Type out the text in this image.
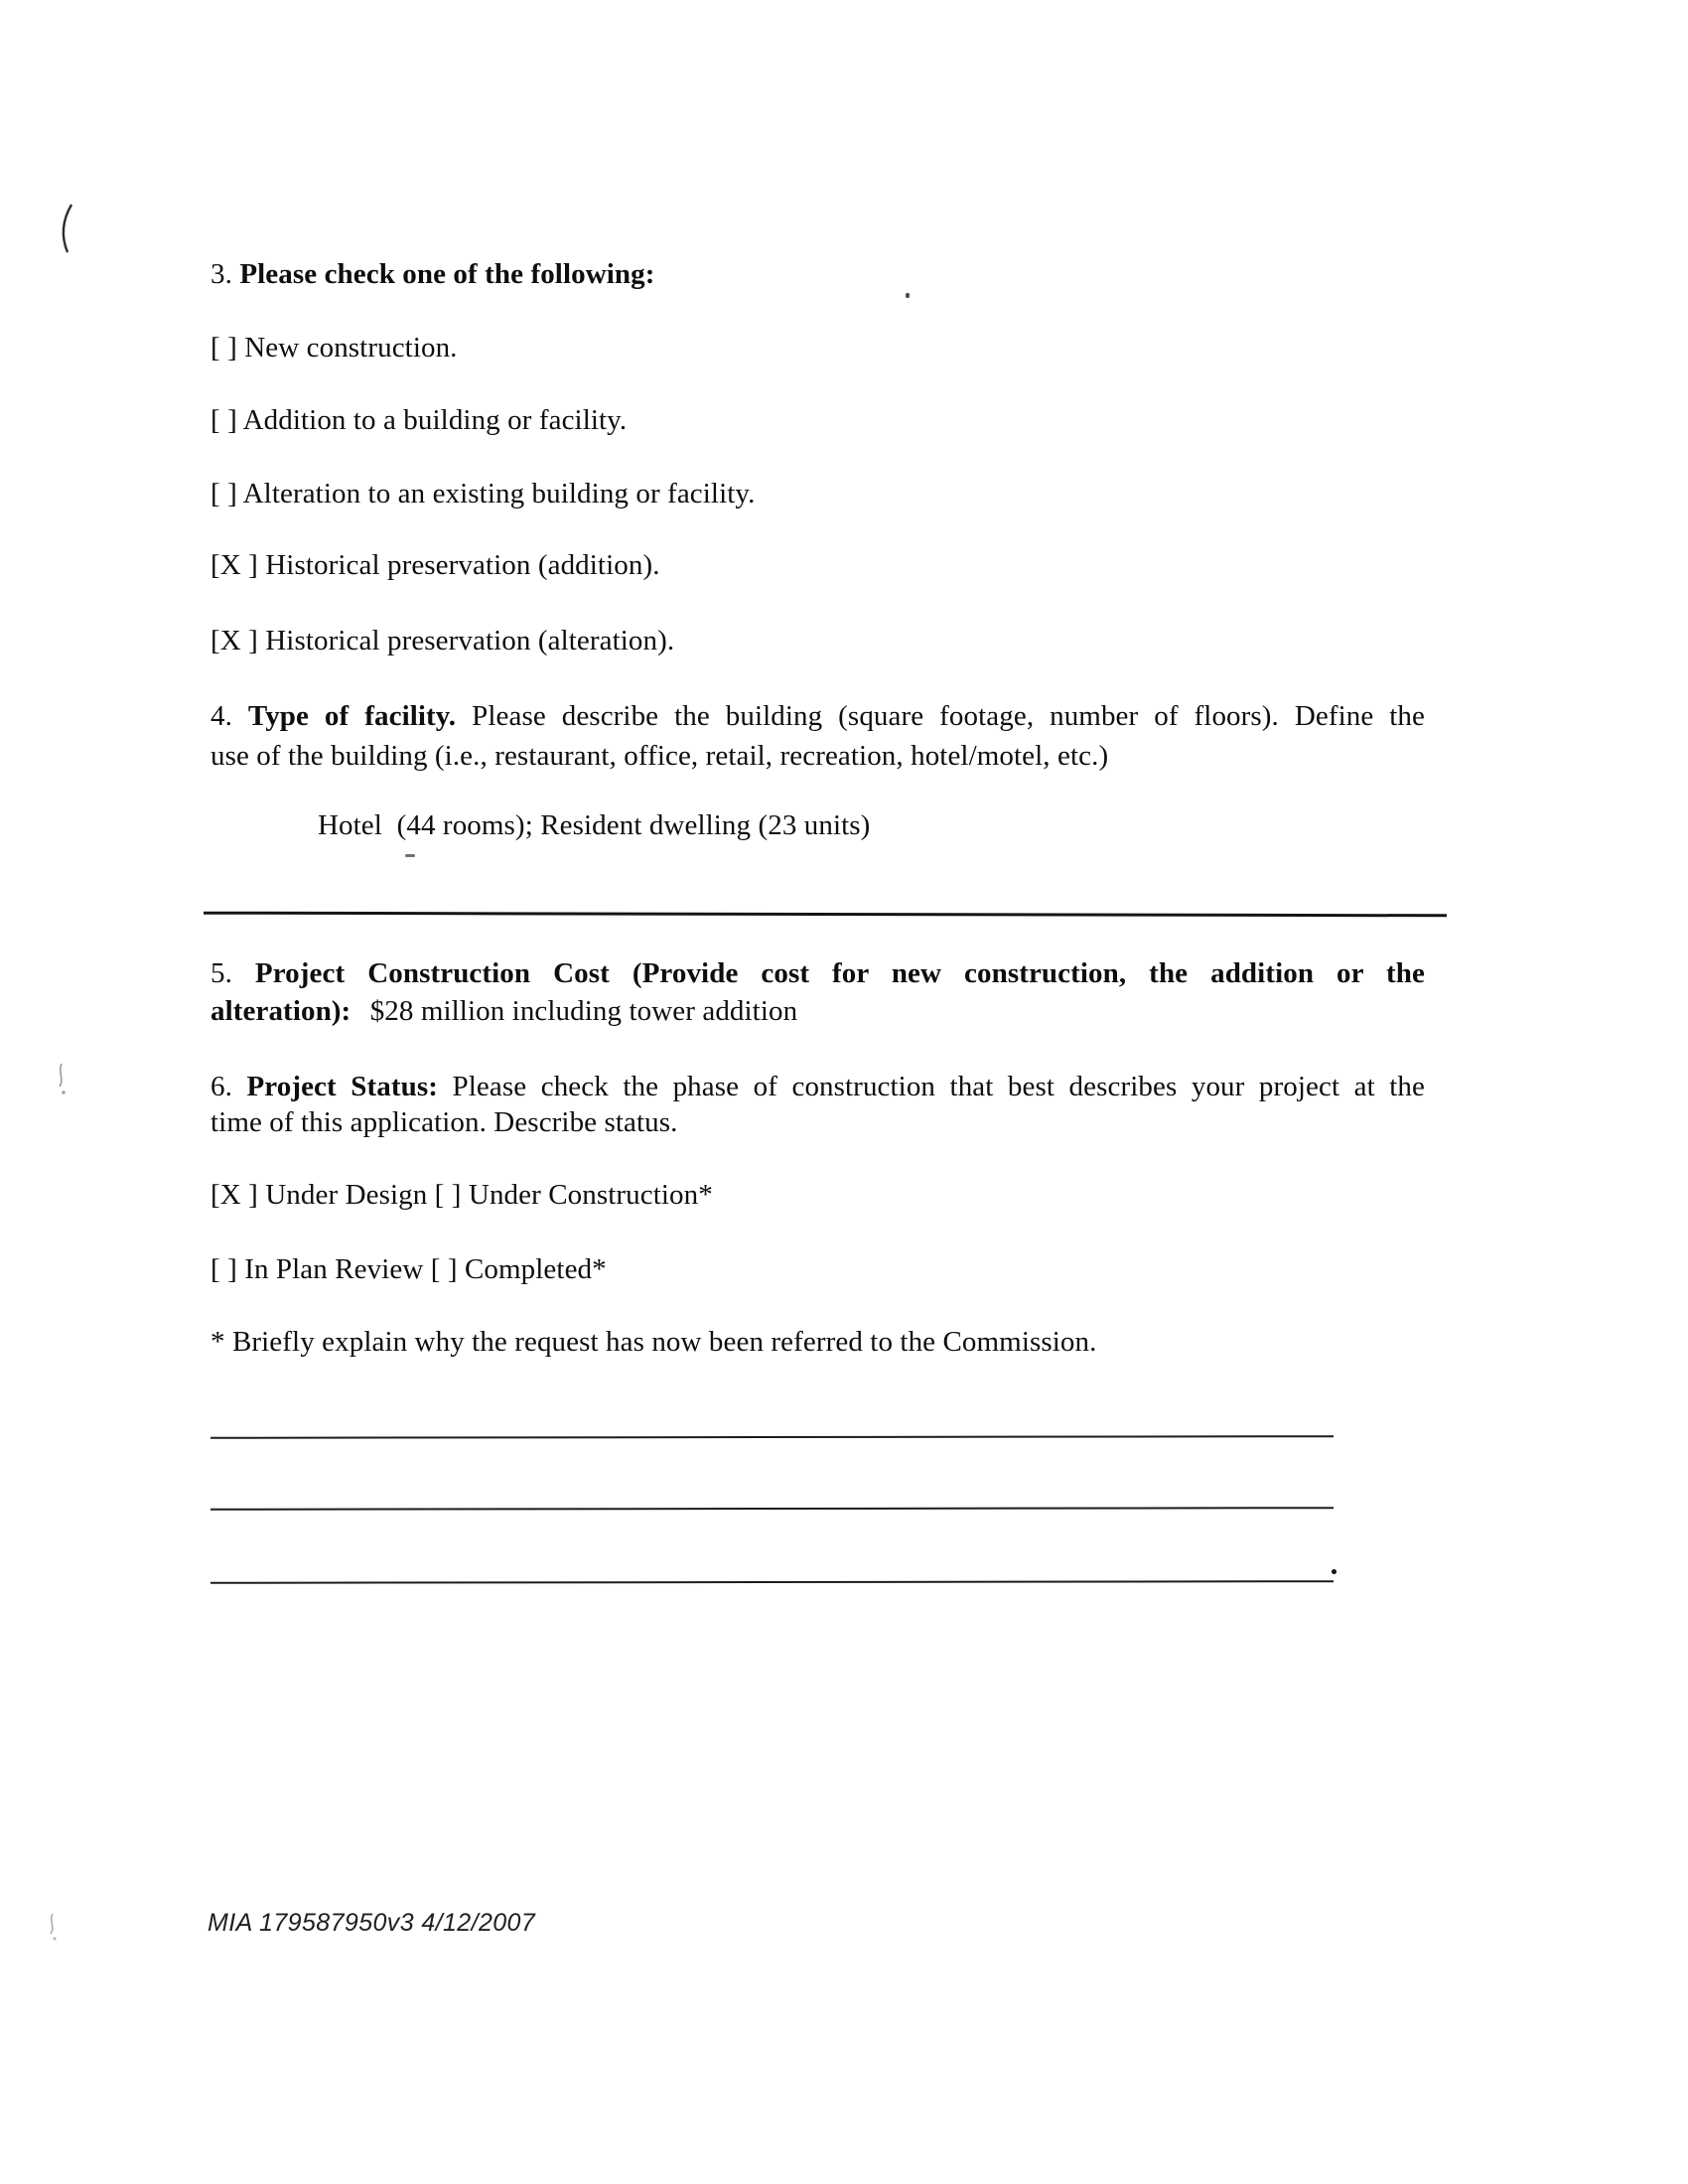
3. Please check one of the following:
[ ] New construction.
[ ] Addition to a building or facility.
[ ] Alteration to an existing building or facility.
[X ] Historical preservation (addition).
[X ] Historical preservation (alteration).
4. Type of facility. Please describe the building (square footage, number of floors). Define the
use of the building (i.e., restaurant, office, retail, recreation, hotel/motel, etc.)
Hotel  (44 rooms); Resident dwelling (23 units)
5. Project Construction Cost (Provide cost for new construction, the addition or the
alteration): $28 million including tower addition
6. Project Status: Please check the phase of construction that best describes your project at the
time of this application. Describe status.
[X ] Under Design [ ] Under Construction*
[ ] In Plan Review [ ] Completed*
* Briefly explain why the request has now been referred to the Commission.
MIA 179587950v3 4/12/2007
